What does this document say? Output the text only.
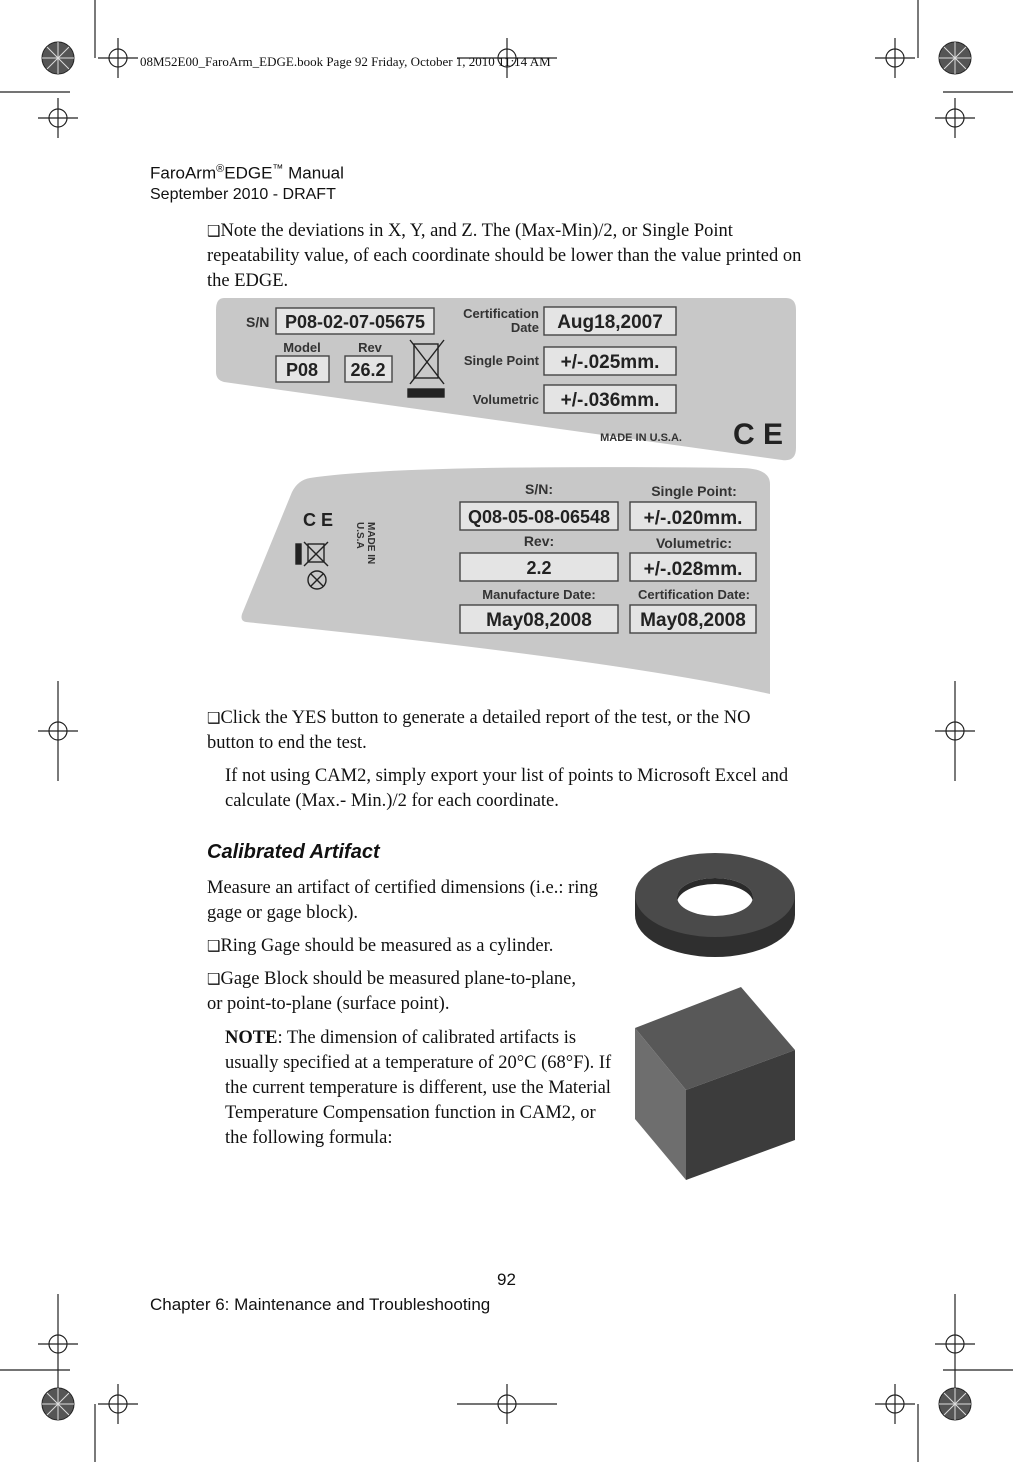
08M52E00_FaroArm_EDGE.book Page 92 Friday, October 1, 2010 11:14 AM
FaroArm®EDGE™ Manual
September 2010 - DRAFT
❑Note the deviations in X, Y, and Z. The (Max-Min)/2, or Single Point repeatability value, of each coordinate should be lower than the value printed on the EDGE.
S/N P08-02-07-05675	Certification
Date Aug18,2007
Model
P08
Rev
26.2	Single Point +/-.025mm.
Volumetric +/-.036mm.
MADE IN U.S.A. C E
C E
MADE IN
U.S.A
S/N:
Q08-05-08-06548
Single Point:
+/-.020mm.
Rev:
2.2
Volumetric:
+/-.028mm.
Manufacture Date:
May08,2008
Certification Date:
May08,2008
❑Click the YES button to generate a detailed report of the test, or the NO button to end the test.
If not using CAM2, simply export your list of points to Microsoft Excel and calculate (Max.- Min.)/2 for each coordinate.
Calibrated Artifact
Measure an artifact of certified dimensions (i.e.: ring gage or gage block).
❑Ring Gage should be measured as a cylinder.
❑Gage Block should be measured plane-to-plane, or point-to-plane (surface point).
NOTE: The dimension of calibrated artifacts is usually specified at a temperature of 20°C (68°F). If the current temperature is different, use the Material Temperature Compensation function in CAM2, or the following formula:
92
Chapter 6: Maintenance and Troubleshooting
